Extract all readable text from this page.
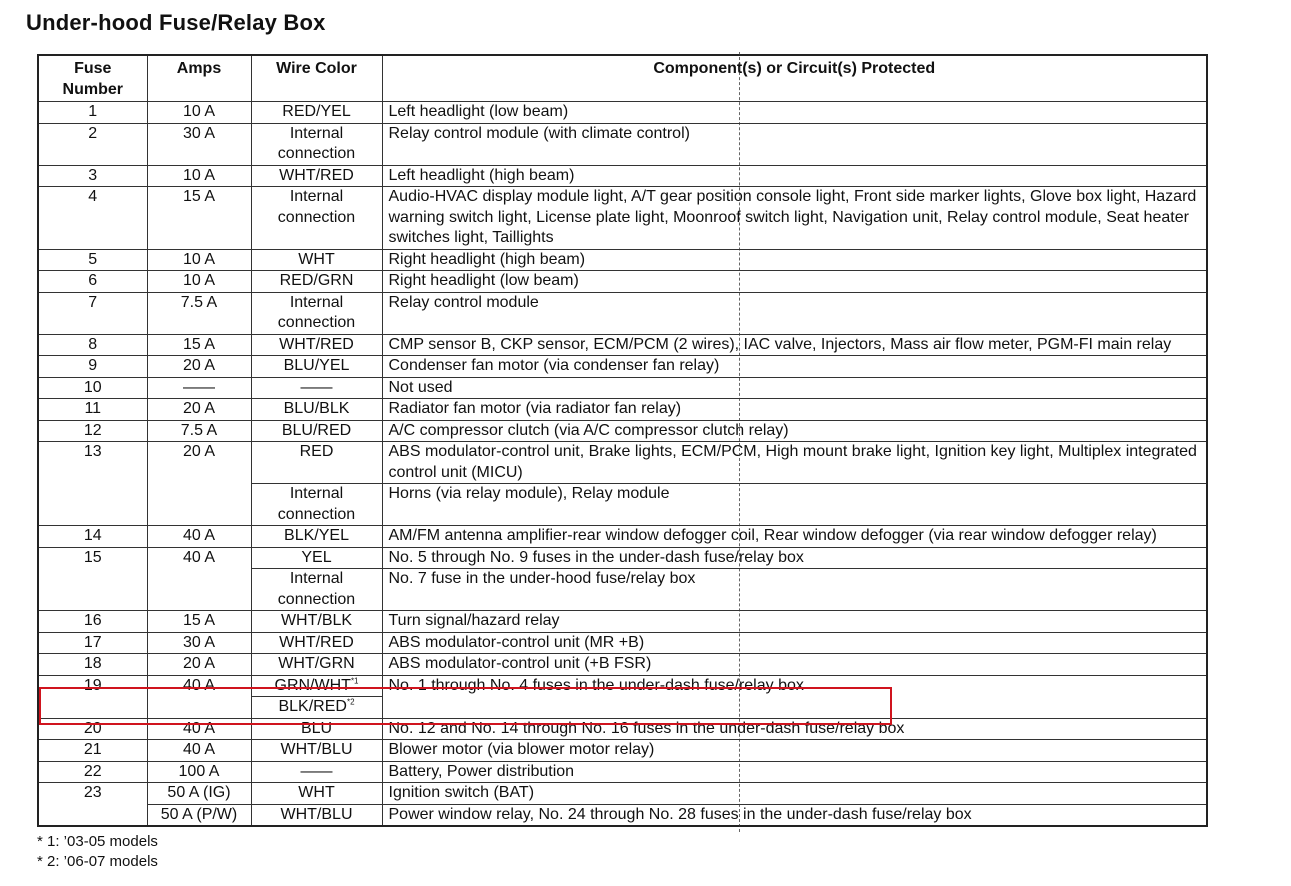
Under-hood Fuse/Relay Box
Fuse Number	Amps	Wire Color	Component(s) or Circuit(s) Protected
1	10 A	RED/YEL	Left headlight (low beam)
2	30 A	Internal connection	Relay control module (with climate control)
3	10 A	WHT/RED	Left headlight (high beam)
4	15 A	Internal connection	Audio-HVAC display module light, A/T gear position console light, Front side marker lights, Glove box light, Hazard warning switch light, License plate light, Moonroof switch light, Navigation unit, Relay control module, Seat heater switches light, Taillights
5	10 A	WHT	Right headlight (high beam)
6	10 A	RED/GRN	Right headlight (low beam)
7	7.5 A	Internal connection	Relay control module
8	15 A	WHT/RED	CMP sensor B, CKP sensor, ECM/PCM (2 wires), IAC valve, Injectors, Mass air flow meter, PGM-FI main relay
9	20 A	BLU/YEL	Condenser fan motor (via condenser fan relay)
10	——	——	Not used
11	20 A	BLU/BLK	Radiator fan motor (via radiator fan relay)
12	7.5 A	BLU/RED	A/C compressor clutch (via A/C compressor clutch relay)
13	20 A	RED	ABS modulator-control unit, Brake lights, ECM/PCM, High mount brake light, Ignition key light, Multiplex integrated control unit (MICU)
		Internal connection	Horns (via relay module), Relay module
14	40 A	BLK/YEL	AM/FM antenna amplifier-rear window defogger coil, Rear window defogger (via rear window defogger relay)
15	40 A	YEL	No. 5 through No. 9 fuses in the under-dash fuse/relay box
		Internal connection	No. 7 fuse in the under-hood fuse/relay box
16	15 A	WHT/BLK	Turn signal/hazard relay
17	30 A	WHT/RED	ABS modulator-control unit (MR +B)
18	20 A	WHT/GRN	ABS modulator-control unit (+B FSR)
19	40 A	GRN/WHT$^{*1}$	No. 1 through No. 4 fuses in the under-dash fuse/relay box
		BLK/RED$^{*2}$
20	40 A	BLU	No. 12 and No. 14 through No. 16 fuses in the under-dash fuse/relay box
21	40 A	WHT/BLU	Blower motor (via blower motor relay)
22	100 A	——	Battery, Power distribution
23	50 A (IG)	WHT	Ignition switch (BAT)
	50 A (P/W)	WHT/BLU	Power window relay, No. 24 through No. 28 fuses in the under-dash fuse/relay box
* 1: ’03-05 models
* 2: ’06-07 models
